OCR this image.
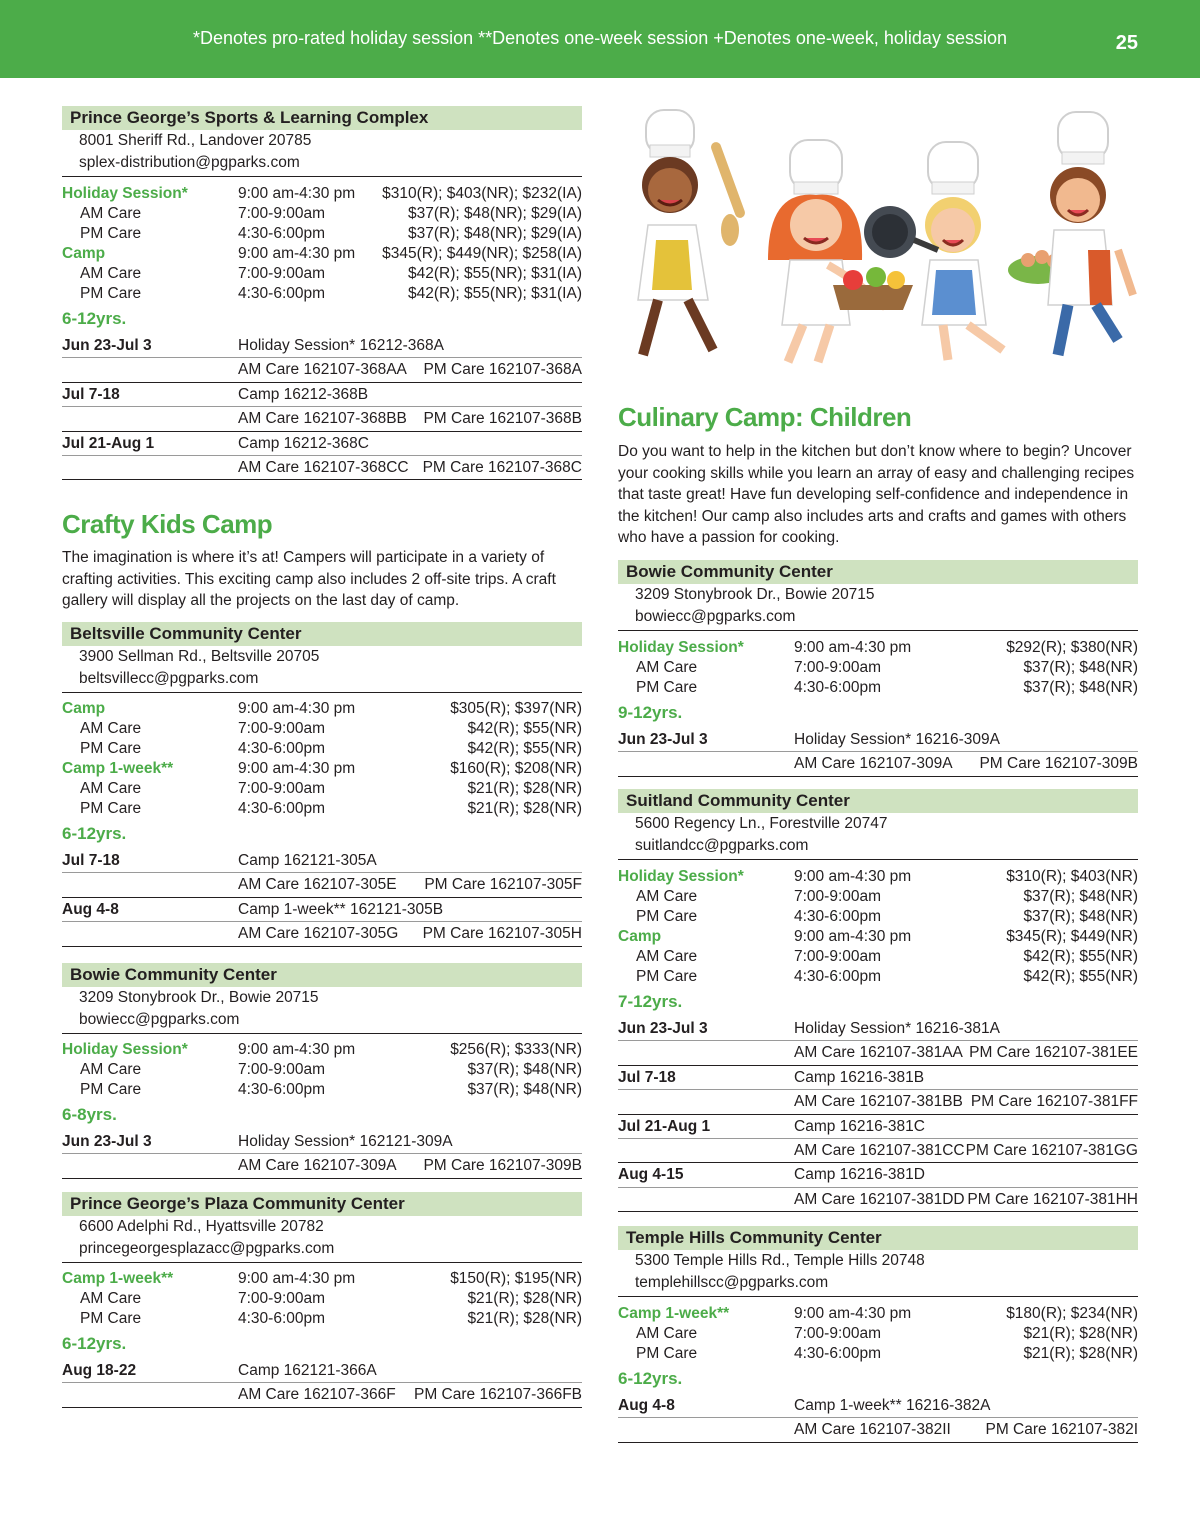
*Denotes pro-rated holiday session **Denotes one-week session +Denotes one-week, holiday session	25
Prince George’s Sports & Learning Complex
8001 Sheriff Rd., Landover 20785
splex-distribution@pgparks.com
Holiday Session*	9:00 am-4:30 pm $310(R); $403(NR); $232(IA)
AM Care	7:00-9:00am	$37(R); $48(NR); $29(IA)
PM Care	4:30-6:00pm	$37(R); $48(NR); $29(IA)
Camp	9:00 am-4:30 pm $345(R); $449(NR); $258(IA)
AM Care	7:00-9:00am	$42(R); $55(NR); $31(IA)
PM Care	4:30-6:00pm	$42(R); $55(NR); $31(IA)
6-12yrs.
Jun 23-Jul 3	Holiday Session* 16212-368A
AM Care 162107-368AA PM Care 162107-368A
Jul 7-18	Camp 16212-368B
AM Care 162107-368BB PM Care 162107-368B
Jul 21-Aug 1	Camp 16212-368C
AM Care 162107-368CC PM Care 162107-368C
Crafty Kids Camp
The imagination is where it’s at! Campers will participate in a variety of crafting activities. This exciting camp also includes 2 off-site trips. A craft gallery will display all the projects on the last day of camp.
Beltsville Community Center
3900 Sellman Rd., Beltsville 20705
beltsvillecc@pgparks.com
Camp	9:00 am-4:30 pm	$305(R); $397(NR)
AM Care	7:00-9:00am	$42(R); $55(NR)
PM Care	4:30-6:00pm	$42(R); $55(NR)
Camp 1-week**	9:00 am-4:30 pm	$160(R); $208(NR)
AM Care	7:00-9:00am	$21(R); $28(NR)
PM Care	4:30-6:00pm	$21(R); $28(NR)
6-12yrs.
Jul 7-18	Camp 162121-305A
AM Care 162107-305E PM Care 162107-305F
Aug 4-8	Camp 1-week** 162121-305B
AM Care 162107-305G PM Care 162107-305H
Bowie Community Center
3209 Stonybrook Dr., Bowie 20715
bowiecc@pgparks.com
Holiday Session*	9:00 am-4:30 pm	$256(R); $333(NR)
AM Care	7:00-9:00am	$37(R); $48(NR)
PM Care	4:30-6:00pm	$37(R); $48(NR)
6-8yrs.
Jun 23-Jul 3	Holiday Session* 162121-309A
AM Care 162107-309A PM Care 162107-309B
Prince George’s Plaza Community Center
6600 Adelphi Rd., Hyattsville 20782
princegeorgesplazacc@pgparks.com
Camp 1-week**	9:00 am-4:30 pm	$150(R); $195(NR)
AM Care	7:00-9:00am	$21(R); $28(NR)
PM Care	4:30-6:00pm	$21(R); $28(NR)
6-12yrs.
Aug 18-22	Camp 162121-366A
AM Care 162107-366F PM Care 162107-366FB
Culinary Camp: Children
Do you want to help in the kitchen but don’t know where to begin? Uncover your cooking skills while you learn an array of easy and challenging recipes that taste great! Have fun developing self-confidence and independence in the kitchen! Our camp also includes arts and crafts and games with others who have a passion for cooking.
Bowie Community Center
3209 Stonybrook Dr., Bowie 20715
bowiecc@pgparks.com
Holiday Session*	9:00 am-4:30 pm	$292(R); $380(NR)
AM Care	7:00-9:00am	$37(R); $48(NR)
PM Care	4:30-6:00pm	$37(R); $48(NR)
9-12yrs.
Jun 23-Jul 3	Holiday Session* 16216-309A
AM Care 162107-309A PM Care 162107-309B
Suitland Community Center
5600 Regency Ln., Forestville 20747
suitlandcc@pgparks.com
Holiday Session*	9:00 am-4:30 pm	$310(R); $403(NR)
AM Care	7:00-9:00am	$37(R); $48(NR)
PM Care	4:30-6:00pm	$37(R); $48(NR)
Camp	9:00 am-4:30 pm	$345(R); $449(NR)
AM Care	7:00-9:00am	$42(R); $55(NR)
PM Care	4:30-6:00pm	$42(R); $55(NR)
7-12yrs.
Jun 23-Jul 3	Holiday Session* 16216-381A
AM Care 162107-381AA PM Care 162107-381EE
Jul 7-18	Camp 16216-381B
AM Care 162107-381BB PM Care 162107-381FF
Jul 21-Aug 1	Camp 16216-381C
AM Care 162107-381CC PM Care 162107-381GG
Aug 4-15	Camp 16216-381D
AM Care 162107-381DD PM Care 162107-381HH
Temple Hills Community Center
5300 Temple Hills Rd., Temple Hills 20748
templehillscc@pgparks.com
Camp 1-week**	9:00 am-4:30 pm	$180(R); $234(NR)
AM Care	7:00-9:00am	$21(R); $28(NR)
PM Care	4:30-6:00pm	$21(R); $28(NR)
6-12yrs.
Aug 4-8	Camp 1-week** 16216-382A
AM Care 162107-382II PM Care 162107-382I
